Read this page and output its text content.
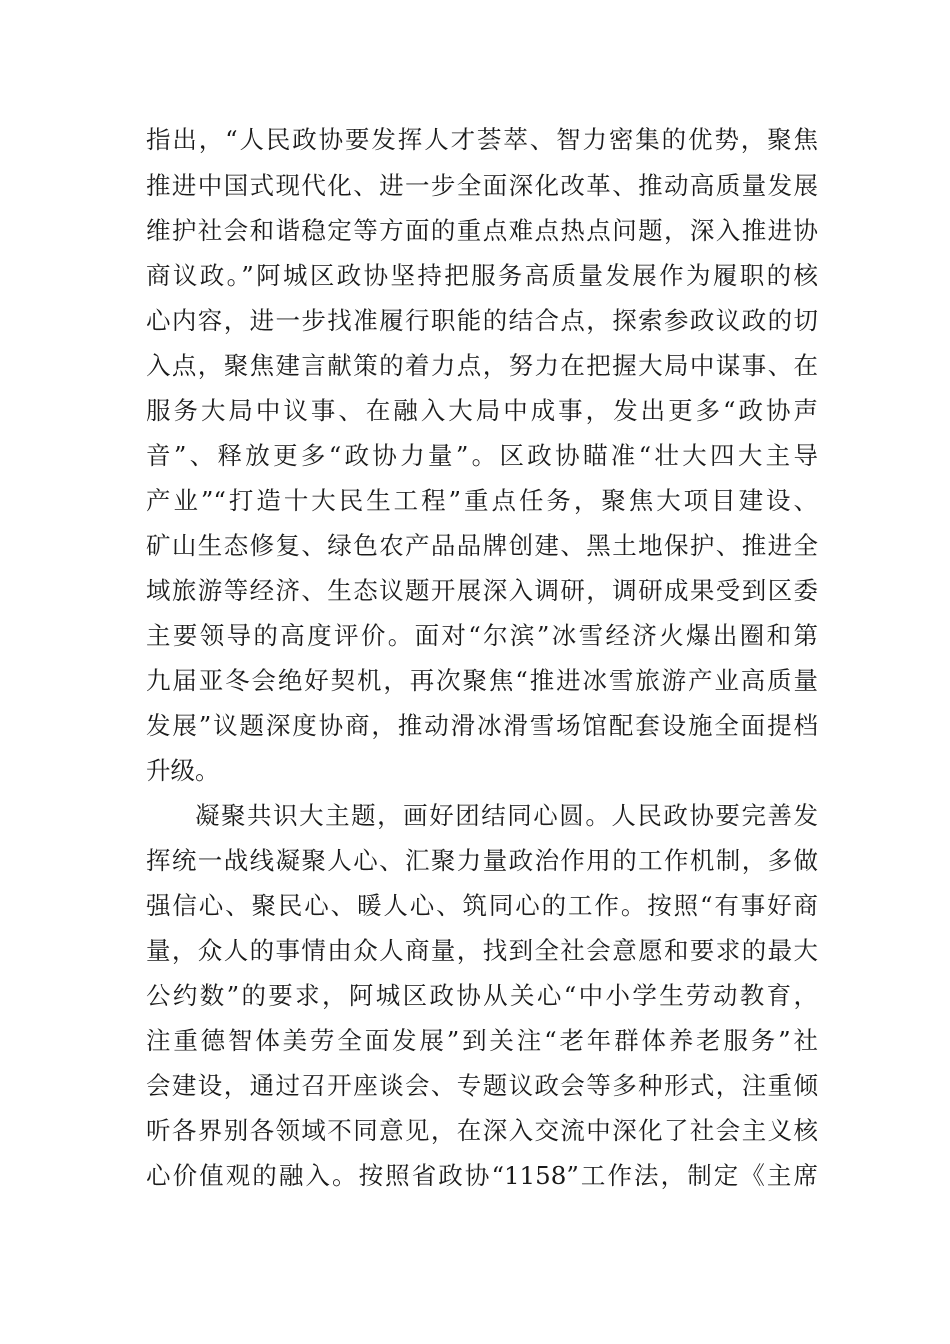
指出，“人民政协要发挥人才荟萃、智力密集的优势，聚焦
推进中国式现代化、进一步全面深化改革、推动高质量发展
维护社会和谐稳定等方面的重点难点热点问题，深入推进协
商议政。”阿城区政协坚持把服务高质量发展作为履职的核
心内容，进一步找准履行职能的结合点，探索参政议政的切
入点，聚焦建言献策的着力点，努力在把握大局中谋事、在
服务大局中议事、在融入大局中成事，发出更多“政协声
音”、释放更多“政协力量”。区政协瞄准“壮大四大主导
产业”“打造十大民生工程”重点任务，聚焦大项目建设、
矿山生态修复、绿色农产品品牌创建、黑土地保护、推进全
域旅游等经济、生态议题开展深入调研，调研成果受到区委
主要领导的高度评价。面对“尔滨”冰雪经济火爆出圈和第
九届亚冬会绝好契机，再次聚焦“推进冰雪旅游产业高质量
发展”议题深度协商，推动滑冰滑雪场馆配套设施全面提档
升级。
凝聚共识大主题，画好团结同心圆。人民政协要完善发
挥统一战线凝聚人心、汇聚力量政治作用的工作机制，多做
强信心、聚民心、暖人心、筑同心的工作。按照“有事好商
量，众人的事情由众人商量，找到全社会意愿和要求的最大
公约数”的要求，阿城区政协从关心“中小学生劳动教育，
注重德智体美劳全面发展”到关注“老年群体养老服务”社
会建设，通过召开座谈会、专题议政会等多种形式，注重倾
听各界别各领域不同意见，在深入交流中深化了社会主义核
心价值观的融入。按照省政协“1158”工作法，制定《主席
